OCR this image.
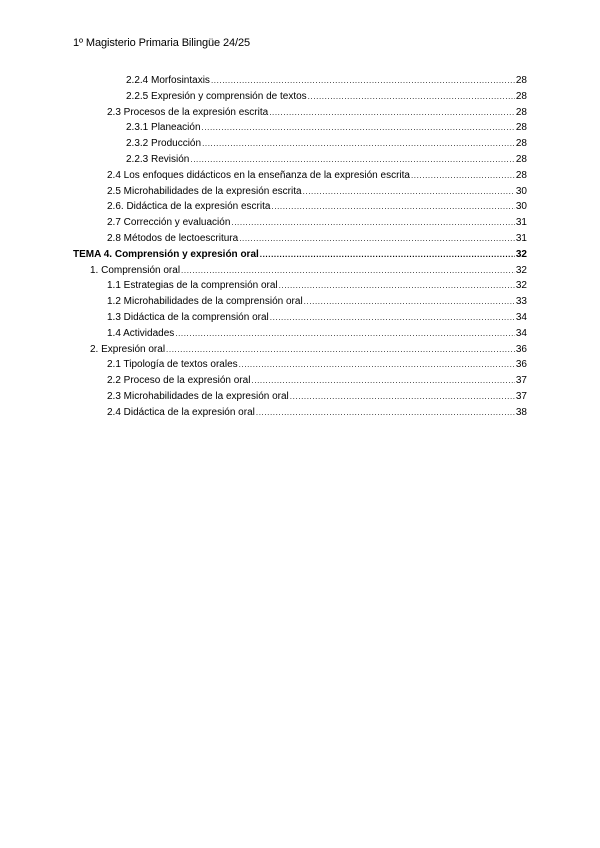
1º Magisterio Primaria Bilingüe 24/25
2.2.4 Morfosintaxis .....	28
2.2.5 Expresión y comprensión de textos .....	28
2.3 Procesos de la expresión escrita .....	28
2.3.1 Planeación .....	28
2.3.2 Producción .....	28
2.2.3 Revisión .....	28
2.4 Los enfoques didácticos en la enseñanza de la expresión escrita .....	28
2.5 Microhabilidades de la expresión escrita .....	30
2.6. Didáctica de la expresión escrita .....	30
2.7 Corrección y evaluación .....	31
2.8 Métodos de lectoescritura .....	31
TEMA 4. Comprensión y expresión oral .....	32
1. Comprensión oral .....	32
1.1 Estrategias de la comprensión oral .....	32
1.2 Microhabilidades de la comprensión oral .....	33
1.3 Didáctica de la comprensión oral .....	34
1.4 Actividades .....	34
2. Expresión oral .....	36
2.1 Tipología de textos orales .....	36
2.2 Proceso de la expresión oral .....	37
2.3 Microhabilidades de la expresión oral .....	37
2.4 Didáctica de la expresión oral .....	38
